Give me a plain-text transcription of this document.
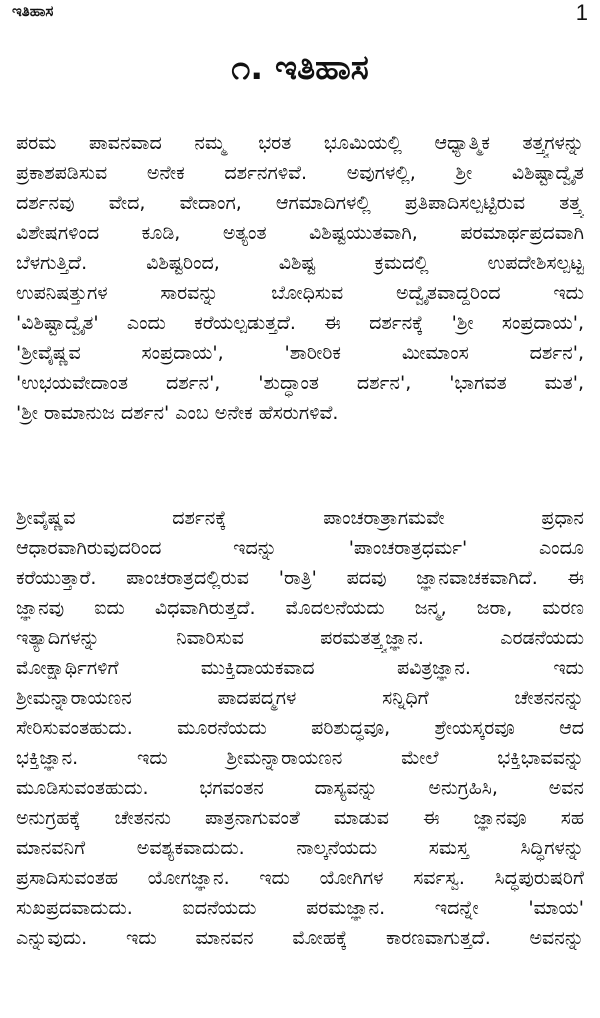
ಇತಿಹಾಸ	1
೧. ಇತಿಹಾಸ
ಪರಮ ಪಾವನವಾದ ನಮ್ಮ ಭರತ ಭೂಮಿಯಲ್ಲಿ ಆಧ್ಯಾತ್ಮಿಕ ತತ್ತ್ವಗಳನ್ನು
ಪ್ರಕಾಶಪಡಿಸುವ ಅನೇಕ ದರ್ಶನಗಳಿವೆ. ಅವುಗಳಲ್ಲಿ, ಶ್ರೀ ವಿಶಿಷ್ಟಾದ್ವೈತ
ದರ್ಶನವು ವೇದ, ವೇದಾಂಗ, ಆಗಮಾದಿಗಳಲ್ಲಿ ಪ್ರತಿಪಾದಿಸಲ್ಪಟ್ಟಿರುವ ತತ್ತ್ವ
ವಿಶೇಷಗಳಿಂದ ಕೂಡಿ, ಅತ್ಯಂತ ವಿಶಿಷ್ಟಯುತವಾಗಿ, ಪರಮಾರ್ಥಪ್ರದವಾಗಿ
ಬೆಳಗುತ್ತಿದೆ. ವಿಶಿಷ್ಟರಿಂದ, ವಿಶಿಷ್ಟ ಕ್ರಮದಲ್ಲಿ ಉಪದೇಶಿಸಲ್ಪಟ್ಟ
ಉಪನಿಷತ್ತುಗಳ ಸಾರವನ್ನು ಬೋಧಿಸುವ ಅದ್ವೈತವಾದ್ದರಿಂದ ಇದು
'ವಿಶಿಷ್ಟಾದ್ವೈತ' ಎಂದು ಕರೆಯಲ್ಪಡುತ್ತದೆ. ಈ ದರ್ಶನಕ್ಕೆ 'ಶ್ರೀ ಸಂಪ್ರದಾಯ',
'ಶ್ರೀವೈಷ್ಣವ ಸಂಪ್ರದಾಯ', 'ಶಾರೀರಿಕ ಮೀಮಾಂಸ ದರ್ಶನ',
'ಉಭಯವೇದಾಂತ ದರ್ಶನ', 'ಶುದ್ಧಾಂತ ದರ್ಶನ', 'ಭಾಗವತ ಮತ',
'ಶ್ರೀ ರಾಮಾನುಜ ದರ್ಶನ' ಎಂಬ ಅನೇಕ ಹೆಸರುಗಳಿವೆ.
ಶ್ರೀವೈಷ್ಣವ ದರ್ಶನಕ್ಕೆ ಪಾಂಚರಾತ್ರಾಗಮವೇ ಪ್ರಧಾನ
ಆಧಾರವಾಗಿರುವುದರಿಂದ ಇದನ್ನು 'ಪಾಂಚರಾತ್ರಧರ್ಮ' ಎಂದೂ
ಕರೆಯುತ್ತಾರೆ. ಪಾಂಚರಾತ್ರದಲ್ಲಿರುವ 'ರಾತ್ರಿ' ಪದವು ಜ್ಞಾನವಾಚಕವಾಗಿದೆ. ಈ
ಜ್ಞಾನವು ಐದು ವಿಧವಾಗಿರುತ್ತದೆ. ಮೊದಲನೆಯದು ಜನ್ಮ, ಜರಾ, ಮರಣ
ಇತ್ಯಾದಿಗಳನ್ನು ನಿವಾರಿಸುವ ಪರಮತತ್ತ್ವಜ್ಞಾನ. ಎರಡನೆಯದು
ಮೋಕ್ಷಾರ್ಥಿಗಳಿಗೆ ಮುಕ್ತಿದಾಯಕವಾದ ಪವಿತ್ರಜ್ಞಾನ. ಇದು
ಶ್ರೀಮನ್ನಾರಾಯಣನ ಪಾದಪದ್ಮಗಳ ಸನ್ನಿಧಿಗೆ ಚೇತನನನ್ನು
ಸೇರಿಸುವಂತಹುದು. ಮೂರನೆಯದು ಪರಿಶುದ್ಧವೂ, ಶ್ರೇಯಸ್ಕರವೂ ಆದ
ಭಕ್ತಿಜ್ಞಾನ. ಇದು ಶ್ರೀಮನ್ನಾರಾಯಣನ ಮೇಲೆ ಭಕ್ತಿಭಾವವನ್ನು
ಮೂಡಿಸುವಂತಹುದು. ಭಗವಂತನ ದಾಸ್ಯವನ್ನು ಅನುಗ್ರಹಿಸಿ, ಅವನ
ಅನುಗ್ರಹಕ್ಕೆ ಚೇತನನು ಪಾತ್ರನಾಗುವಂತೆ ಮಾಡುವ ಈ ಜ್ಞಾನವೂ ಸಹ
ಮಾನವನಿಗೆ ಅವಶ್ಯಕವಾದುದು. ನಾಲ್ಕನೆಯದು ಸಮಸ್ತ ಸಿದ್ಧಿಗಳನ್ನು
ಪ್ರಸಾದಿಸುವಂತಹ ಯೋಗಜ್ಞಾನ. ಇದು ಯೋಗಿಗಳ ಸರ್ವಸ್ವ. ಸಿದ್ಧಪುರುಷರಿಗೆ
ಸುಖಪ್ರದವಾದುದು. ಐದನೆಯದು ಪರಮಜ್ಞಾನ. ಇದನ್ನೇ 'ಮಾಯ'
ಎನ್ನುವುದು. ಇದು ಮಾನವನ ಮೋಹಕ್ಕೆ ಕಾರಣವಾಗುತ್ತದೆ. ಅವನನ್ನು
